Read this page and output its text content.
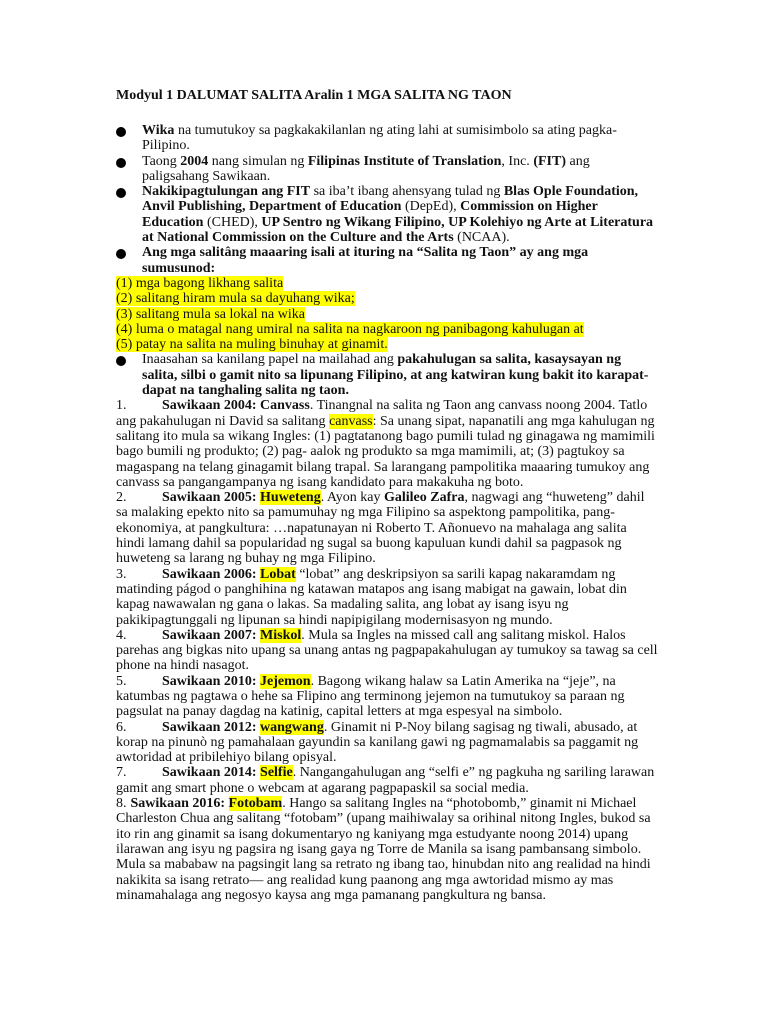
Modyul 1 DALUMAT SALITA Aralin 1 MGA SALITA NG TAON

Wika na tumutukoy sa pagkakakilanlan ng ating lahi at sumisimbolo sa ating pagka-Pilipino.
Taong 2004 nang simulan ng Filipinas Institute of Translation, Inc. (FIT) ang paligsahang Sawikaan.
Nakikipagtulungan ang FIT sa iba’t ibang ahensyang tulad ng Blas Ople Foundation, Anvil Publishing, Department of Education (DepEd), Commission on Higher Education (CHED), UP Sentro ng Wikang Filipino, UP Kolehiyo ng Arte at Literatura at National Commission on the Culture and the Arts (NCAA).
Ang mga salitâng maaaring isali at ituring na “Salita ng Taon” ay ang mga sumusunod:
(1) mga bagong likhang salita
(2) salitang hiram mula sa dayuhang wika;
(3) salitang mula sa lokal na wika
(4) luma o matagal nang umiral na salita na nagkaroon ng panibagong kahulugan at
(5) patay na salita na muling binuhay at ginamit.
Inaasahan sa kanilang papel na mailahad ang pakahulugan sa salita, kasaysayan ng salita, silbi o gamit nito sa lipunang Filipino, at ang katwiran kung bakit ito karapat-dapat na tanghaling salita ng taon.

1.	Sawikaan 2004: Canvass. Tinangnal na salita ng Taon ang canvass noong 2004. Tatlo ang pakahulugan ni David sa salitang canvass: Sa unang sipat, napanatili ang mga kahulugan ng salitang ito mula sa wikang Ingles: (1) pagtatanong bago pumili tulad ng ginagawa ng mamimili bago bumili ng produkto; (2) pag- aalok ng produkto sa mga mamimili, at; (3) pagtukoy sa magaspang na telang ginagamit bilang trapal. Sa larangang pampolitika maaaring tumukoy ang canvass sa pangangampanya ng isang kandidato para makakuha ng boto.

2.	Sawikaan 2005: Huweteng. Ayon kay Galileo Zafra, nagwagi ang “huweteng” dahil sa malaking epekto nito sa pamumuhay ng mga Filipino sa aspektong pampolitika, pang- ekonomiya, at pangkultura: …napatunayan ni Roberto T. Añonuevo na mahalaga ang salita hindi lamang dahil sa popularidad ng sugal sa buong kapuluan kundi dahil sa pagpasok ng huweteng sa larang ng buhay ng mga Filipino.

3.	Sawikaan 2006: Lobat “lobat” ang deskripsiyon sa sarili kapag nakaramdam ng matinding págod o panghihina ng katawan matapos ang isang mabigat na gawain, lobat din kapag nawawalan ng gana o lakas. Sa madaling salita, ang lobat ay isang isyu ng pakikipagtunggali ng lipunan sa hindi napipigilang modernisasyon ng mundo.

4.	Sawikaan 2007: Miskol. Mula sa Ingles na missed call ang salitang miskol. Halos parehas ang bigkas nito upang sa unang antas ng pagpapakahulugan ay tumukoy sa tawag sa cell phone na hindi nasagot.

5.	Sawikaan 2010: Jejemon. Bagong wikang halaw sa Latin Amerika na “jeje”, na katumbas ng pagtawa o hehe sa Flipino ang terminong jejemon na tumutukoy sa paraan ng pagsulat na panay dagdag na katinig, capital letters at mga espesyal na simbolo.

6.	Sawikaan 2012: wangwang. Ginamit ni P-Noy bilang sagisag ng tiwali, abusado, at korap na pinunò ng pamahalaan gayundin sa kanilang gawi ng pagmamalabis sa paggamit ng awtoridad at pribilehiyo bilang opisyal.

7.	Sawikaan 2014: Selfie. Nangangahulugan ang “selfi e” ng pagkuha ng sariling larawan gamit ang smart phone o webcam at agarang pagpapaskil sa social media.

8. Sawikaan 2016: Fotobam. Hango sa salitang Ingles na “photobomb,” ginamit ni Michael Charleston Chua ang salitang “fotobam” (upang maihiwalay sa orihinal nitong Ingles, bukod sa ito rin ang ginamit sa isang dokumentaryo ng kaniyang mga estudyante noong 2014) upang ilarawan ang isyu ng pagsira ng isang gaya ng Torre de Manila sa isang pambansang simbolo. Mula sa mababaw na pagsingit lang sa retrato ng ibang tao, hinubdan nito ang realidad na hindi nakikita sa isang retrato— ang realidad kung paanong ang mga awtoridad mismo ay mas minamahalaga ang negosyo kaysa ang mga pamanang pangkultura ng bansa.
